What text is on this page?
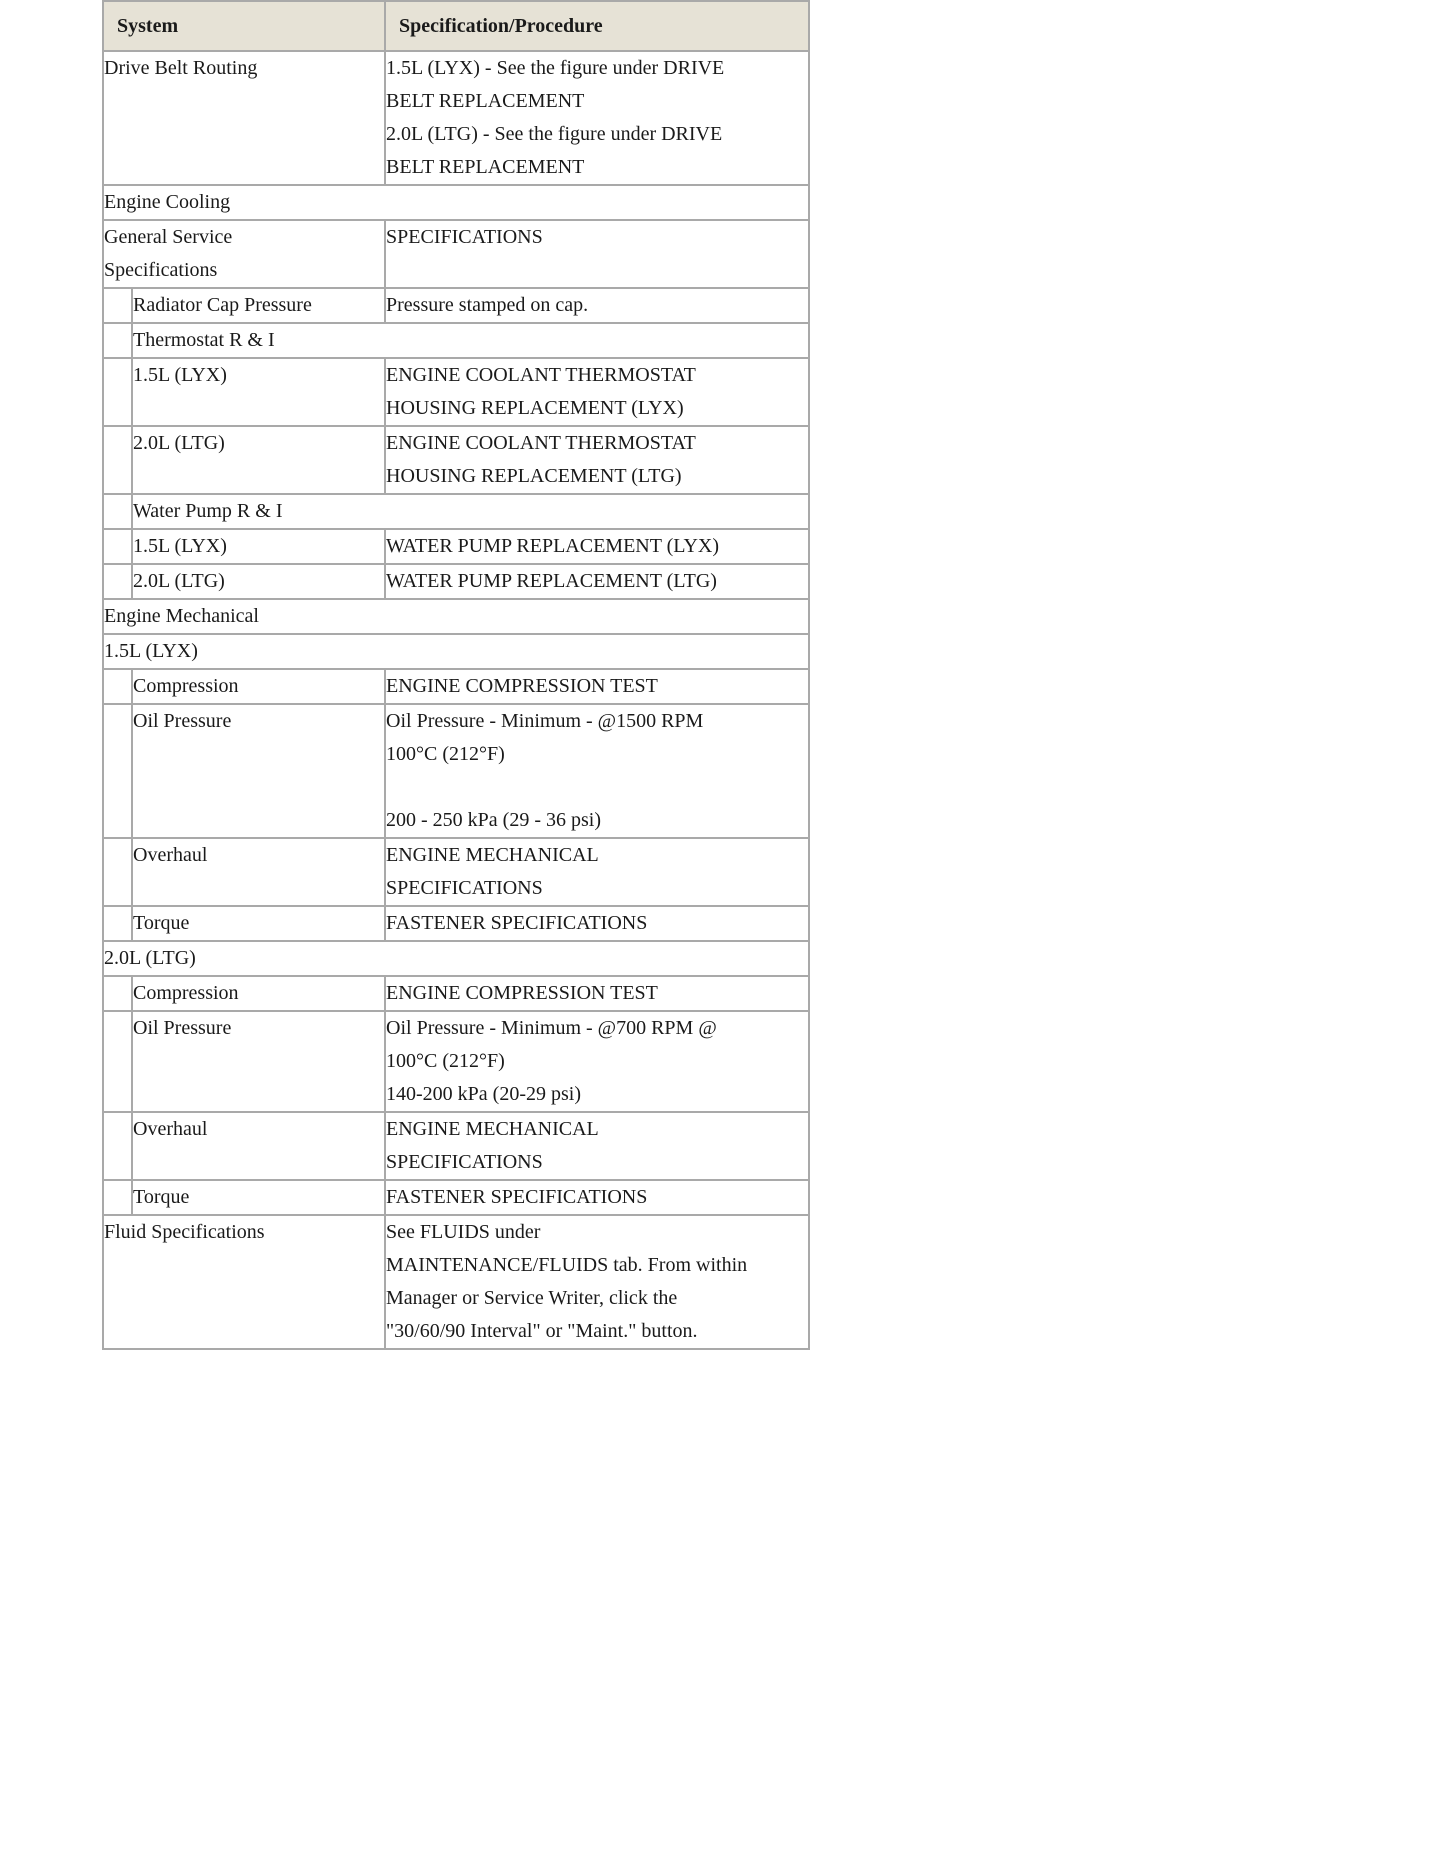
System		Specification/Procedure
Drive Belt Routing		1.5L (LYX) - See the figure under DRIVE
BELT REPLACEMENT
2.0L (LTG) - See the figure under DRIVE
BELT REPLACEMENT

Engine Cooling		

General Service
Specifications		SPECIFICATIONS
	Radiator Cap Pressure	Pressure stamped on cap.
	Thermostat R & I	
	1.5L (LYX)	ENGINE COOLANT THERMOSTAT
HOUSING REPLACEMENT (LYX)

	2.0L (LTG)	ENGINE COOLANT THERMOSTAT
HOUSING REPLACEMENT (LTG)

	Water Pump R & I	
	1.5L (LYX)	WATER PUMP REPLACEMENT (LYX)
	2.0L (LTG)	WATER PUMP REPLACEMENT (LTG)
Engine Mechanical		
1.5L (LYX)		
	Compression	ENGINE COMPRESSION TEST
	Oil Pressure	Oil Pressure - Minimum - @1500 RPM
100°C (212°F)
200 - 250 kPa (29 - 36 psi)

	Overhaul	ENGINE MECHANICAL
SPECIFICATIONS

	Torque	FASTENER SPECIFICATIONS
2.0L (LTG)		
	Compression	ENGINE COMPRESSION TEST
	Oil Pressure	Oil Pressure - Minimum - @700 RPM @
100°C (212°F)
140-200 kPa (20-29 psi)

	Overhaul	ENGINE MECHANICAL
SPECIFICATIONS

	Torque	FASTENER SPECIFICATIONS
Fluid Specifications		See FLUIDS under
MAINTENANCE/FLUIDS tab. From within
Manager or Service Writer, click the
"30/60/90 Interval" or "Maint." button.
